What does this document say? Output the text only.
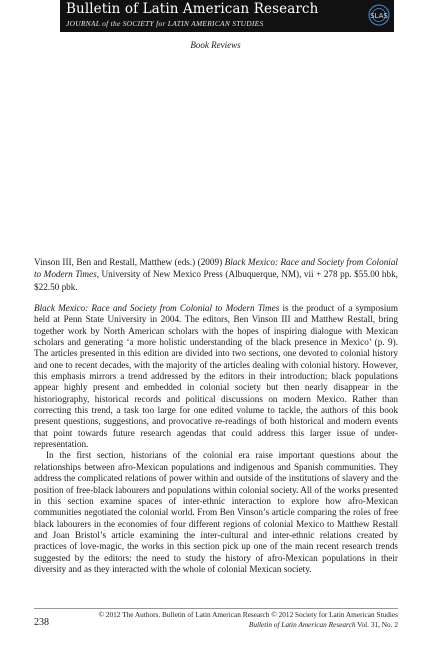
Bulletin of Latin American Research
JOURNAL of the SOCIETY for LATIN AMERICAN STUDIES
SLAS
Book Reviews
Vinson III, Ben and Restall, Matthew (eds.) (2009) Black Mexico: Race and Society from Colonial to Modern Times, University of New Mexico Press (Albuquerque, NM), vii + 278 pp. $55.00 hbk, $22.50 pbk.

Black Mexico: Race and Society from Colonial to Modern Times is the product of a symposium held at Penn State University in 2004. The editors, Ben Vinson III and Matthew Restall, bring together work by North American scholars with the hopes of inspiring dialogue with Mexican scholars and generating ‘a more holistic understanding of the black presence in Mexico’ (p. 9). The articles presented in this edition are divided into two sections, one devoted to colonial history and one to recent decades, with the majority of the articles dealing with colonial history. However, this emphasis mirrors a trend addressed by the editors in their introduction; black populations appear highly present and embedded in colonial society but then nearly disappear in the historiography, historical records and political discussions on modern Mexico. Rather than correcting this trend, a task too large for one edited volume to tackle, the authors of this book present questions, suggestions, and provocative re-readings of both historical and modern events that point towards future research agendas that could address this larger issue of under-representation.

In the first section, historians of the colonial era raise important questions about the relationships between afro-Mexican populations and indigenous and Spanish communities. They address the complicated relations of power within and outside of the institutions of slavery and the position of free-black labourers and populations within colonial society. All of the works presented in this section examine spaces of inter-ethnic interaction to explore how afro-Mexican communities negotiated the colonial world. From Ben Vinson’s article comparing the roles of free black labourers in the economies of four different regions of colonial Mexico to Matthew Restall and Joan Bristol’s article examining the inter-cultural and inter-ethnic relations created by practices of love-magic, the works in this section pick up one of the main recent research trends suggested by the editors: the need to study the history of afro-Mexican populations in their diversity and as they interacted with the whole of colonial Mexican society.

238
© 2012 The Authors. Bulletin of Latin American Research © 2012 Society for Latin American Studies
Bulletin of Latin American Research Vol. 31, No. 2
